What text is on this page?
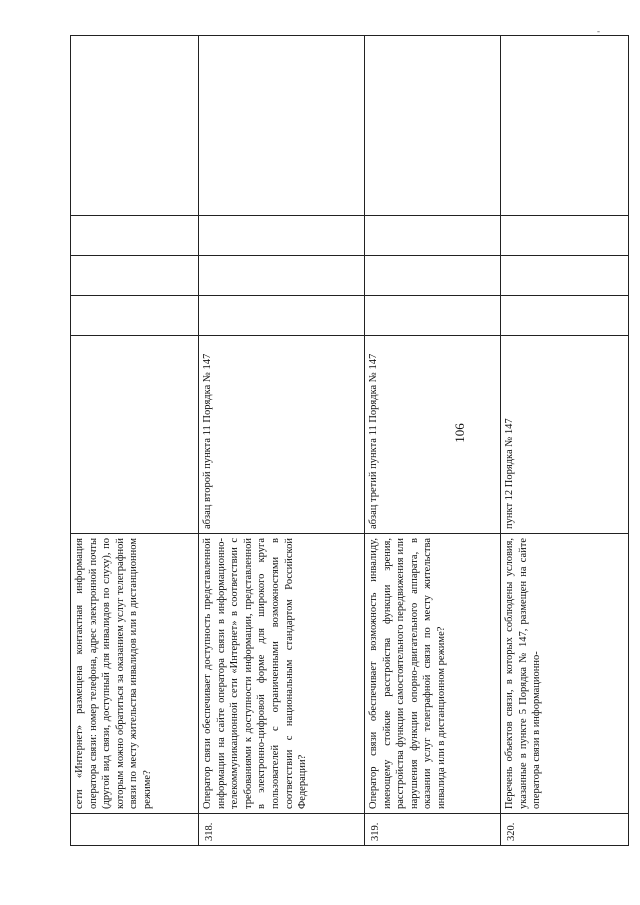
106
-
	сети «Интернет» размещена контактная информация оператора связи: номер телефона, адрес электронной почты (другой вид связи, доступный для инвалидов по слуху), по которым можно обратиться за оказанием услуг телеграфной связи по месту жительства инвалидов или в дистанционном режиме?					
318.	Оператор связи обеспечивает доступность представленной информации на сайте оператора связи в информационно-телекоммуникационной сети «Интернет» в соответствии с требованиями к доступности информации, представленной в электронно-цифровой форме для широкого круга пользователей с ограниченными возможностями в соответствии с национальным стандартом Российской Федерации?	абзац второй пункта 11 Порядка № 147				
319.	Оператор связи обеспечивает возможность инвалиду, имеющему стойкие расстройства функции зрения, расстройства функции самостоятельного передвижения или нарушения функции опорно-двигательного аппарата, в оказании услуг телеграфной связи по месту жительства инвалида или в дистанционном режиме?	абзац третий пункта 11 Порядка № 147				
320.	Перечень объектов связи, в которых соблюдены условия, указанные в пункте 5 Порядка № 147, размещен на сайте оператора связи в информационно-	пункт 12 Порядка № 147				
